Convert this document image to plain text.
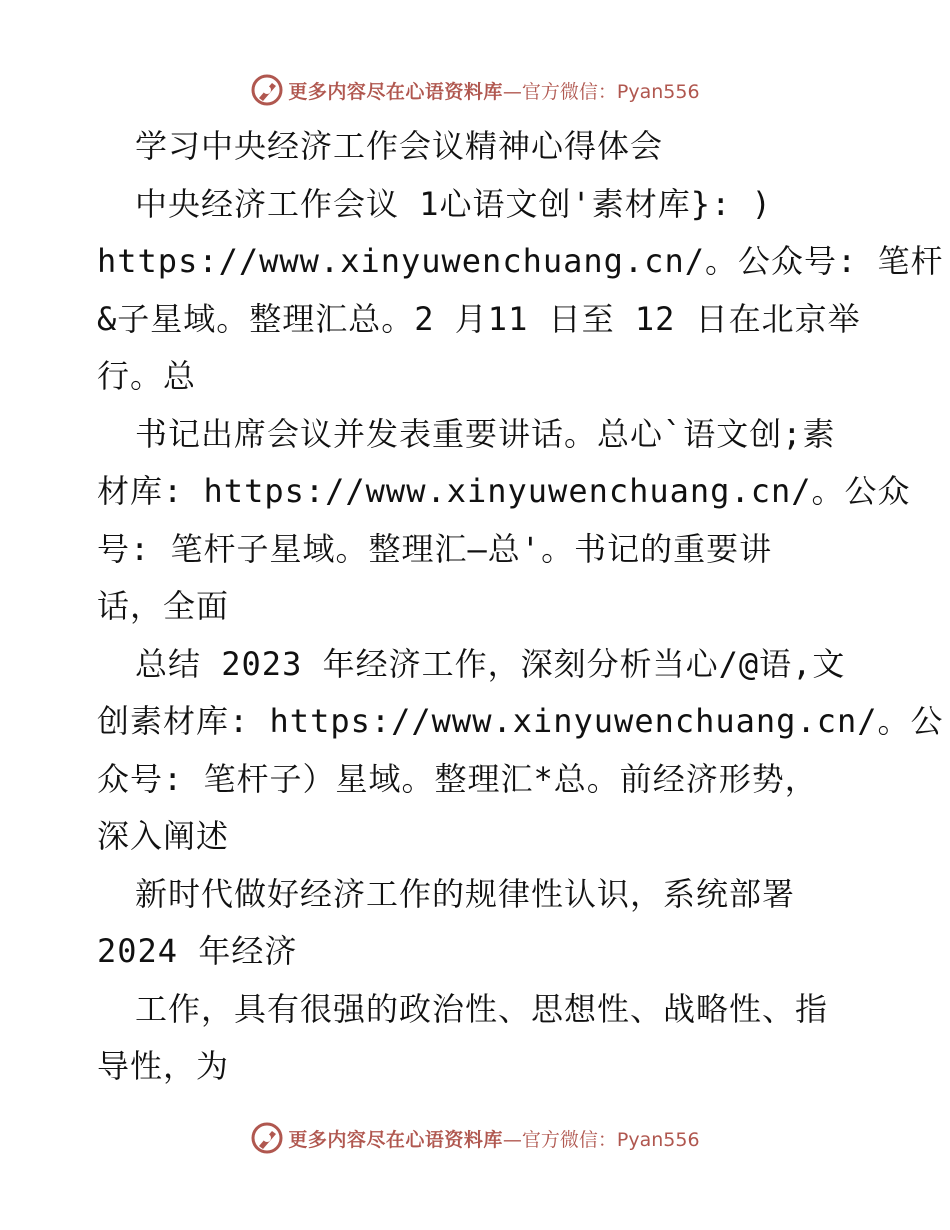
更多内容尽在心语资料库 —官方微信：Pyan556
学习中央经济工作会议精神心得体会
中央经济工作会议 1心语文创'素材库}: )
https://www.xinyuwenchuang.cn/。公众号: 笔杆
&子星域。整理汇总。2 月11 日至 12 日在北京举
行。总
书记出席会议并发表重要讲话。总心`语文创;素
材库: https://www.xinyuwenchuang.cn/。公众
号: 笔杆子星域。整理汇—总'。书记的重要讲
话，全面
总结 2023 年经济工作，深刻分析当心/@语,文
创素材库: https://www.xinyuwenchuang.cn/。公
众号: 笔杆子）星域。整理汇*总。前经济形势，
深入阐述
新时代做好经济工作的规律性认识，系统部署
2024 年经济
工作，具有很强的政治性、思想性、战略性、指
导性，为
更多内容尽在心语资料库 —官方微信：Pyan556
